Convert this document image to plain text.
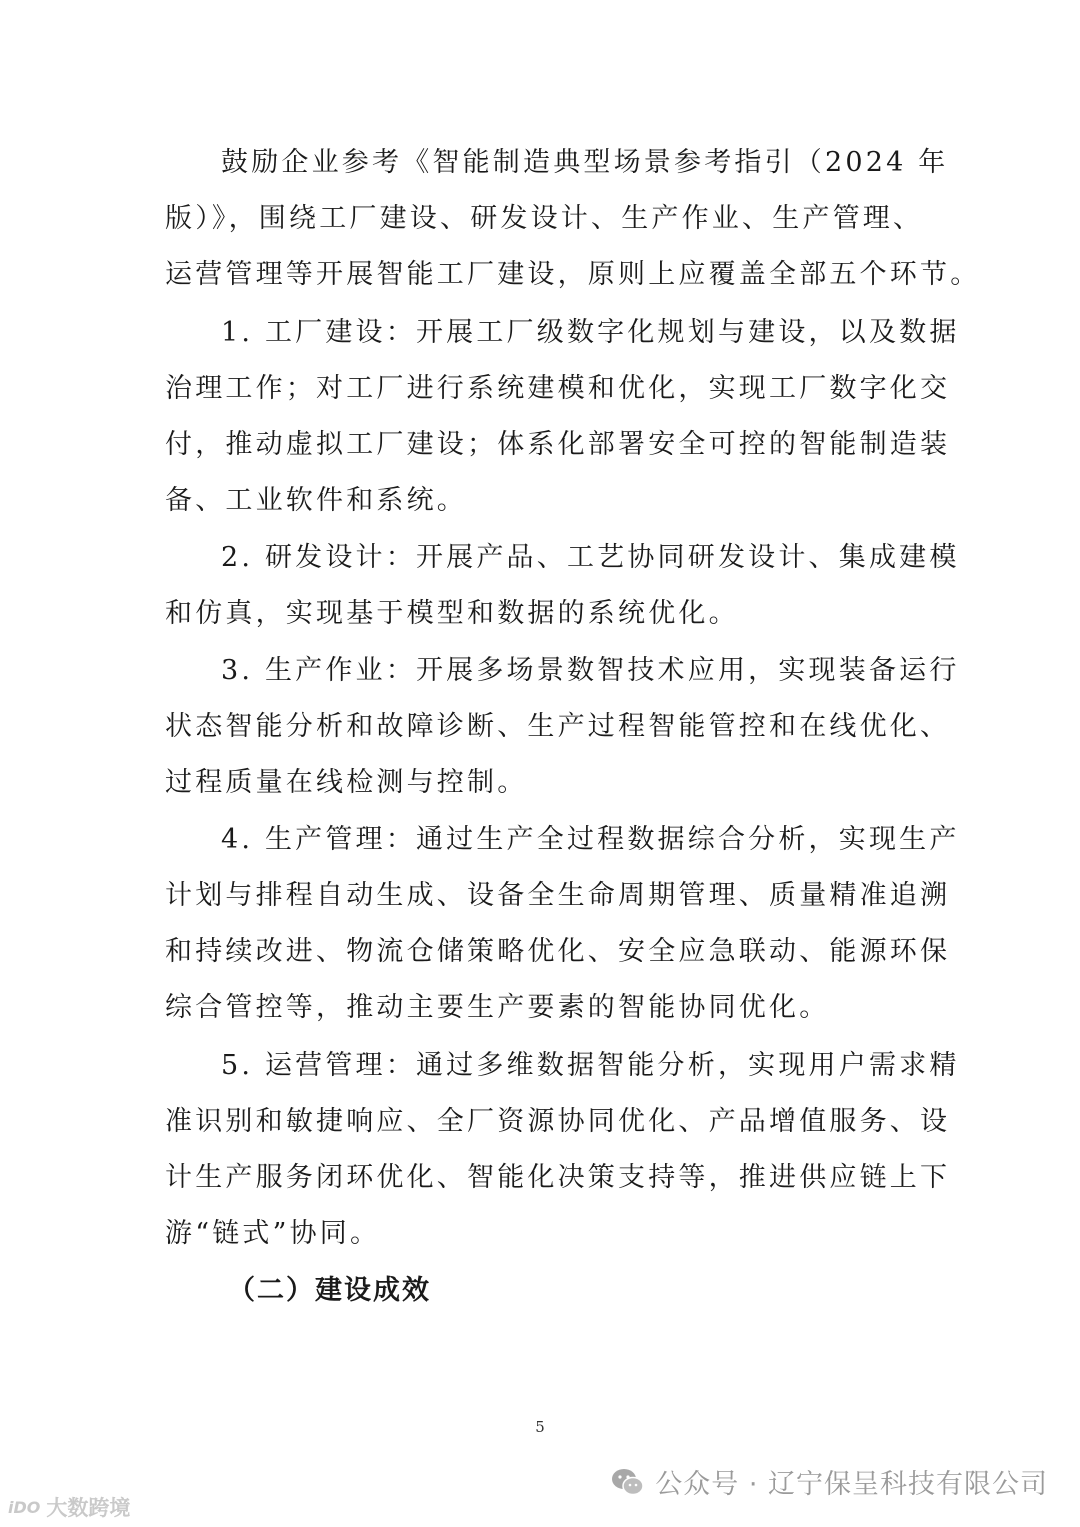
鼓励企业参考《智能制造典型场景参考指引（2024 年
版）》，围绕工厂建设、研发设计、生产作业、生产管理、
运营管理等开展智能工厂建设，原则上应覆盖全部五个环节。
1. 工厂建设：开展工厂级数字化规划与建设，以及数据
治理工作；对工厂进行系统建模和优化，实现工厂数字化交
付，推动虚拟工厂建设；体系化部署安全可控的智能制造装
备、工业软件和系统。
2. 研发设计：开展产品、工艺协同研发设计、集成建模
和仿真，实现基于模型和数据的系统优化。
3. 生产作业：开展多场景数智技术应用，实现装备运行
状态智能分析和故障诊断、生产过程智能管控和在线优化、
过程质量在线检测与控制。
4. 生产管理：通过生产全过程数据综合分析，实现生产
计划与排程自动生成、设备全生命周期管理、质量精准追溯
和持续改进、物流仓储策略优化、安全应急联动、能源环保
综合管控等，推动主要生产要素的智能协同优化。
5. 运营管理：通过多维数据智能分析，实现用户需求精
准识别和敏捷响应、全厂资源协同优化、产品增值服务、设
计生产服务闭环优化、智能化决策支持等，推进供应链上下
游“链式”协同。
（二）建设成效
5
公众号 · 辽宁保呈科技有限公司
iDO 大数跨境
